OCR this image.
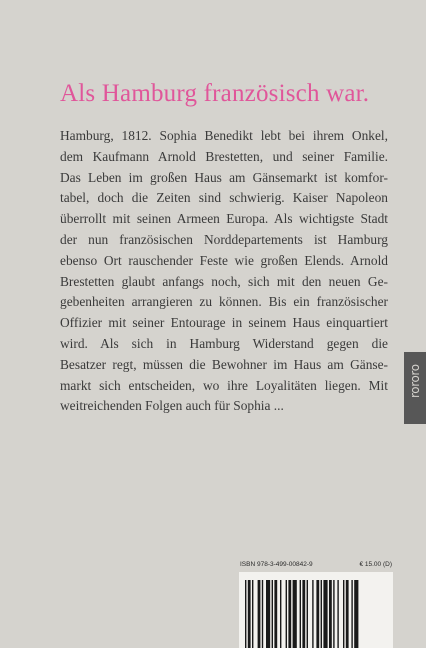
Als Hamburg französisch war.
Hamburg, 1812. Sophia Benedikt lebt bei ihrem Onkel,
dem Kaufmann Arnold Brestetten, und seiner Familie.
Das Leben im großen Haus am Gänsemarkt ist komfor-
tabel, doch die Zeiten sind schwierig. Kaiser Napoleon
überrollt mit seinen Armeen Europa. Als wichtigste Stadt
der nun französischen Norddepartements ist Hamburg
ebenso Ort rauschender Feste wie großen Elends. Arnold
Brestetten glaubt anfangs noch, sich mit den neuen Ge-
gebenheiten arrangieren zu können. Bis ein französischer
Offizier mit seiner Entourage in seinem Haus einquartiert
wird. Als sich in Hamburg Widerstand gegen die
Besatzer regt, müssen die Bewohner im Haus am Gänse-
markt sich entscheiden, wo ihre Loyalitäten liegen. Mit
weitreichenden Folgen auch für Sophia ...
rororo
ISBN 978-3-499-00842-9	€ 15.00 (D)
